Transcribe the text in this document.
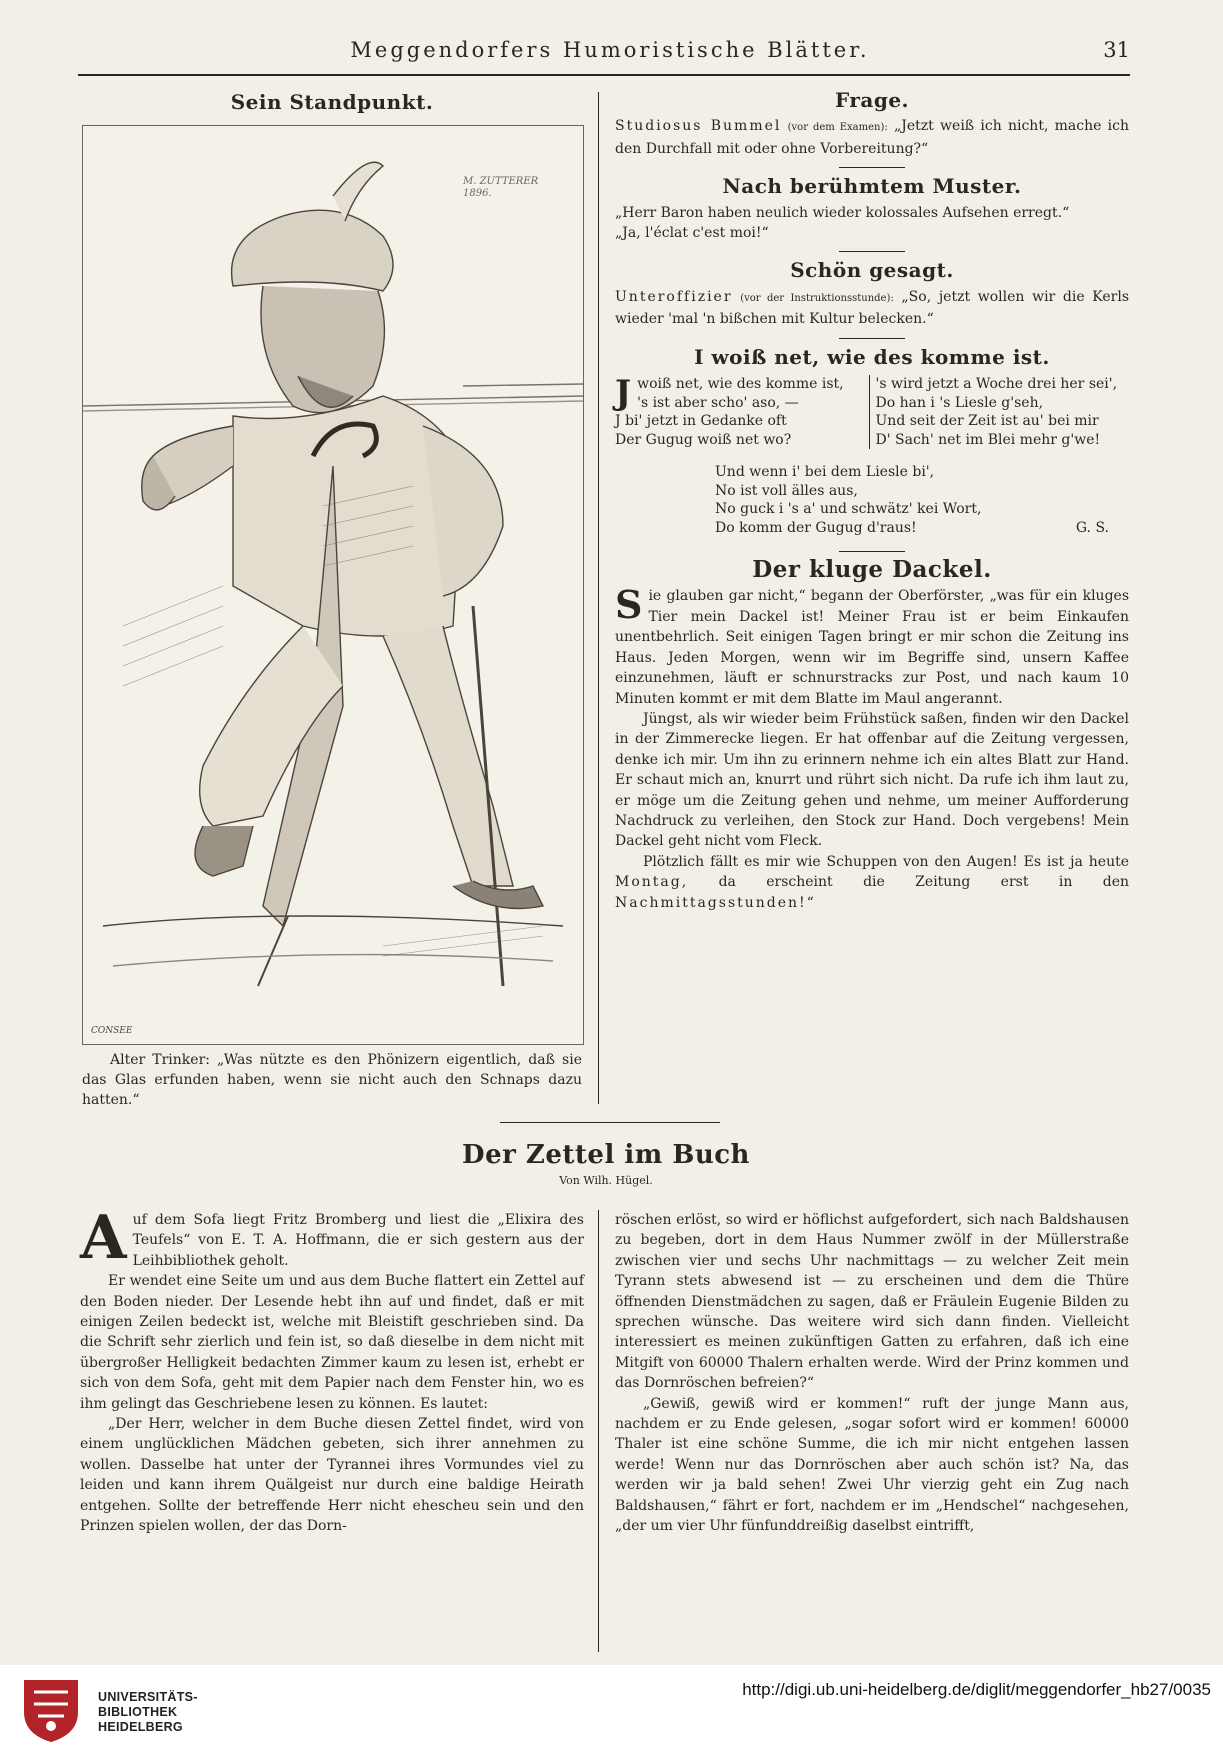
Meggendorfers Humoristische Blätter.	31
Sein Standpunkt.
M. ZUTTERER 1896.
CONSEE

Alter Trinker: „Was nützte es den Phönizern eigentlich, daß sie das Glas erfunden haben, wenn sie nicht auch den Schnaps dazu hatten.“

Frage.

Studiosus Bummel (vor dem Examen): „Jetzt weiß ich nicht, mache ich den Durchfall mit oder ohne Vorbereitung?“

Nach berühmtem Muster.

„Herr Baron haben neulich wieder kolossales Aufsehen erregt.“

„Ja, l'éclat c'est moi!“

Schön gesagt.

Unteroffizier (vor der Instruktionsstunde): „So, jetzt wollen wir die Kerls wieder 'mal 'n bißchen mit Kultur belecken.“

I woiß net, wie des komme ist.
J woiß net, wie des komme ist,
's ist aber scho' aso, —
J bi' jetzt in Gedanke oft
Der Gugug woiß net wo?
's wird jetzt a Woche drei her sei',
Do han i 's Liesle g'seh,
Und seit der Zeit ist au' bei mir
D' Sach' net im Blei mehr g'we!
Und wenn i' bei dem Liesle bi',
No ist voll älles aus,
No guck i 's a' und schwätz' kei Wort,
Do komm der Gugug d'raus!	G. S.
Der kluge Dackel.

Sie glauben gar nicht,“ begann der Oberförster, „was für ein kluges Tier mein Dackel ist! Meiner Frau ist er beim Einkaufen unentbehrlich. Seit einigen Tagen bringt er mir schon die Zeitung ins Haus. Jeden Morgen, wenn wir im Begriffe sind, unsern Kaffee einzunehmen, läuft er schnurstracks zur Post, und nach kaum 10 Minuten kommt er mit dem Blatte im Maul angerannt.

Jüngst, als wir wieder beim Frühstück saßen, finden wir den Dackel in der Zimmerecke liegen. Er hat offenbar auf die Zeitung vergessen, denke ich mir. Um ihn zu erinnern nehme ich ein altes Blatt zur Hand. Er schaut mich an, knurrt und rührt sich nicht. Da rufe ich ihm laut zu, er möge um die Zeitung gehen und nehme, um meiner Aufforderung Nachdruck zu verleihen, den Stock zur Hand. Doch vergebens! Mein Dackel geht nicht vom Fleck.

Plötzlich fällt es mir wie Schuppen von den Augen! Es ist ja heute Montag, da erscheint die Zeitung erst in den Nachmittagsstunden!“

Der Zettel im Buch
Von Wilh. Hügel.

Auf dem Sofa liegt Fritz Bromberg und liest die „Elixira des Teufels“ von E. T. A. Hoffmann, die er sich gestern aus der Leihbibliothek geholt.

Er wendet eine Seite um und aus dem Buche flattert ein Zettel auf den Boden nieder. Der Lesende hebt ihn auf und findet, daß er mit einigen Zeilen bedeckt ist, welche mit Bleistift geschrieben sind. Da die Schrift sehr zierlich und fein ist, so daß dieselbe in dem nicht mit übergroßer Helligkeit bedachten Zimmer kaum zu lesen ist, erhebt er sich von dem Sofa, geht mit dem Papier nach dem Fenster hin, wo es ihm gelingt das Geschriebene lesen zu können. Es lautet:

„Der Herr, welcher in dem Buche diesen Zettel findet, wird von einem unglücklichen Mädchen gebeten, sich ihrer annehmen zu wollen. Dasselbe hat unter der Tyrannei ihres Vormundes viel zu leiden und kann ihrem Quälgeist nur durch eine baldige Heirath entgehen. Sollte der betreffende Herr nicht ehescheu sein und den Prinzen spielen wollen, der das Dorn-

röschen erlöst, so wird er höflichst aufgefordert, sich nach Baldshausen zu begeben, dort in dem Haus Nummer zwölf in der Müllerstraße zwischen vier und sechs Uhr nachmittags — zu welcher Zeit mein Tyrann stets abwesend ist — zu erscheinen und dem die Thüre öffnenden Dienstmädchen zu sagen, daß er Fräulein Eugenie Bilden zu sprechen wünsche. Das weitere wird sich dann finden. Vielleicht interessiert es meinen zukünftigen Gatten zu erfahren, daß ich eine Mitgift von 60000 Thalern erhalten werde. Wird der Prinz kommen und das Dornröschen befreien?“

„Gewiß, gewiß wird er kommen!“ ruft der junge Mann aus, nachdem er zu Ende gelesen, „sogar sofort wird er kommen! 60000 Thaler ist eine schöne Summe, die ich mir nicht entgehen lassen werde! Wenn nur das Dornröschen aber auch schön ist? Na, das werden wir ja bald sehen! Zwei Uhr vierzig geht ein Zug nach Baldshausen,“ fährt er fort, nachdem er im „Hendschel“ nachgesehen, „der um vier Uhr fünfunddreißig daselbst eintrifft,

UNIVERSITÄTS-
BIBLIOTHEK
HEIDELBERG
http://digi.ub.uni-heidelberg.de/diglit/meggendorfer_hb27/0035
